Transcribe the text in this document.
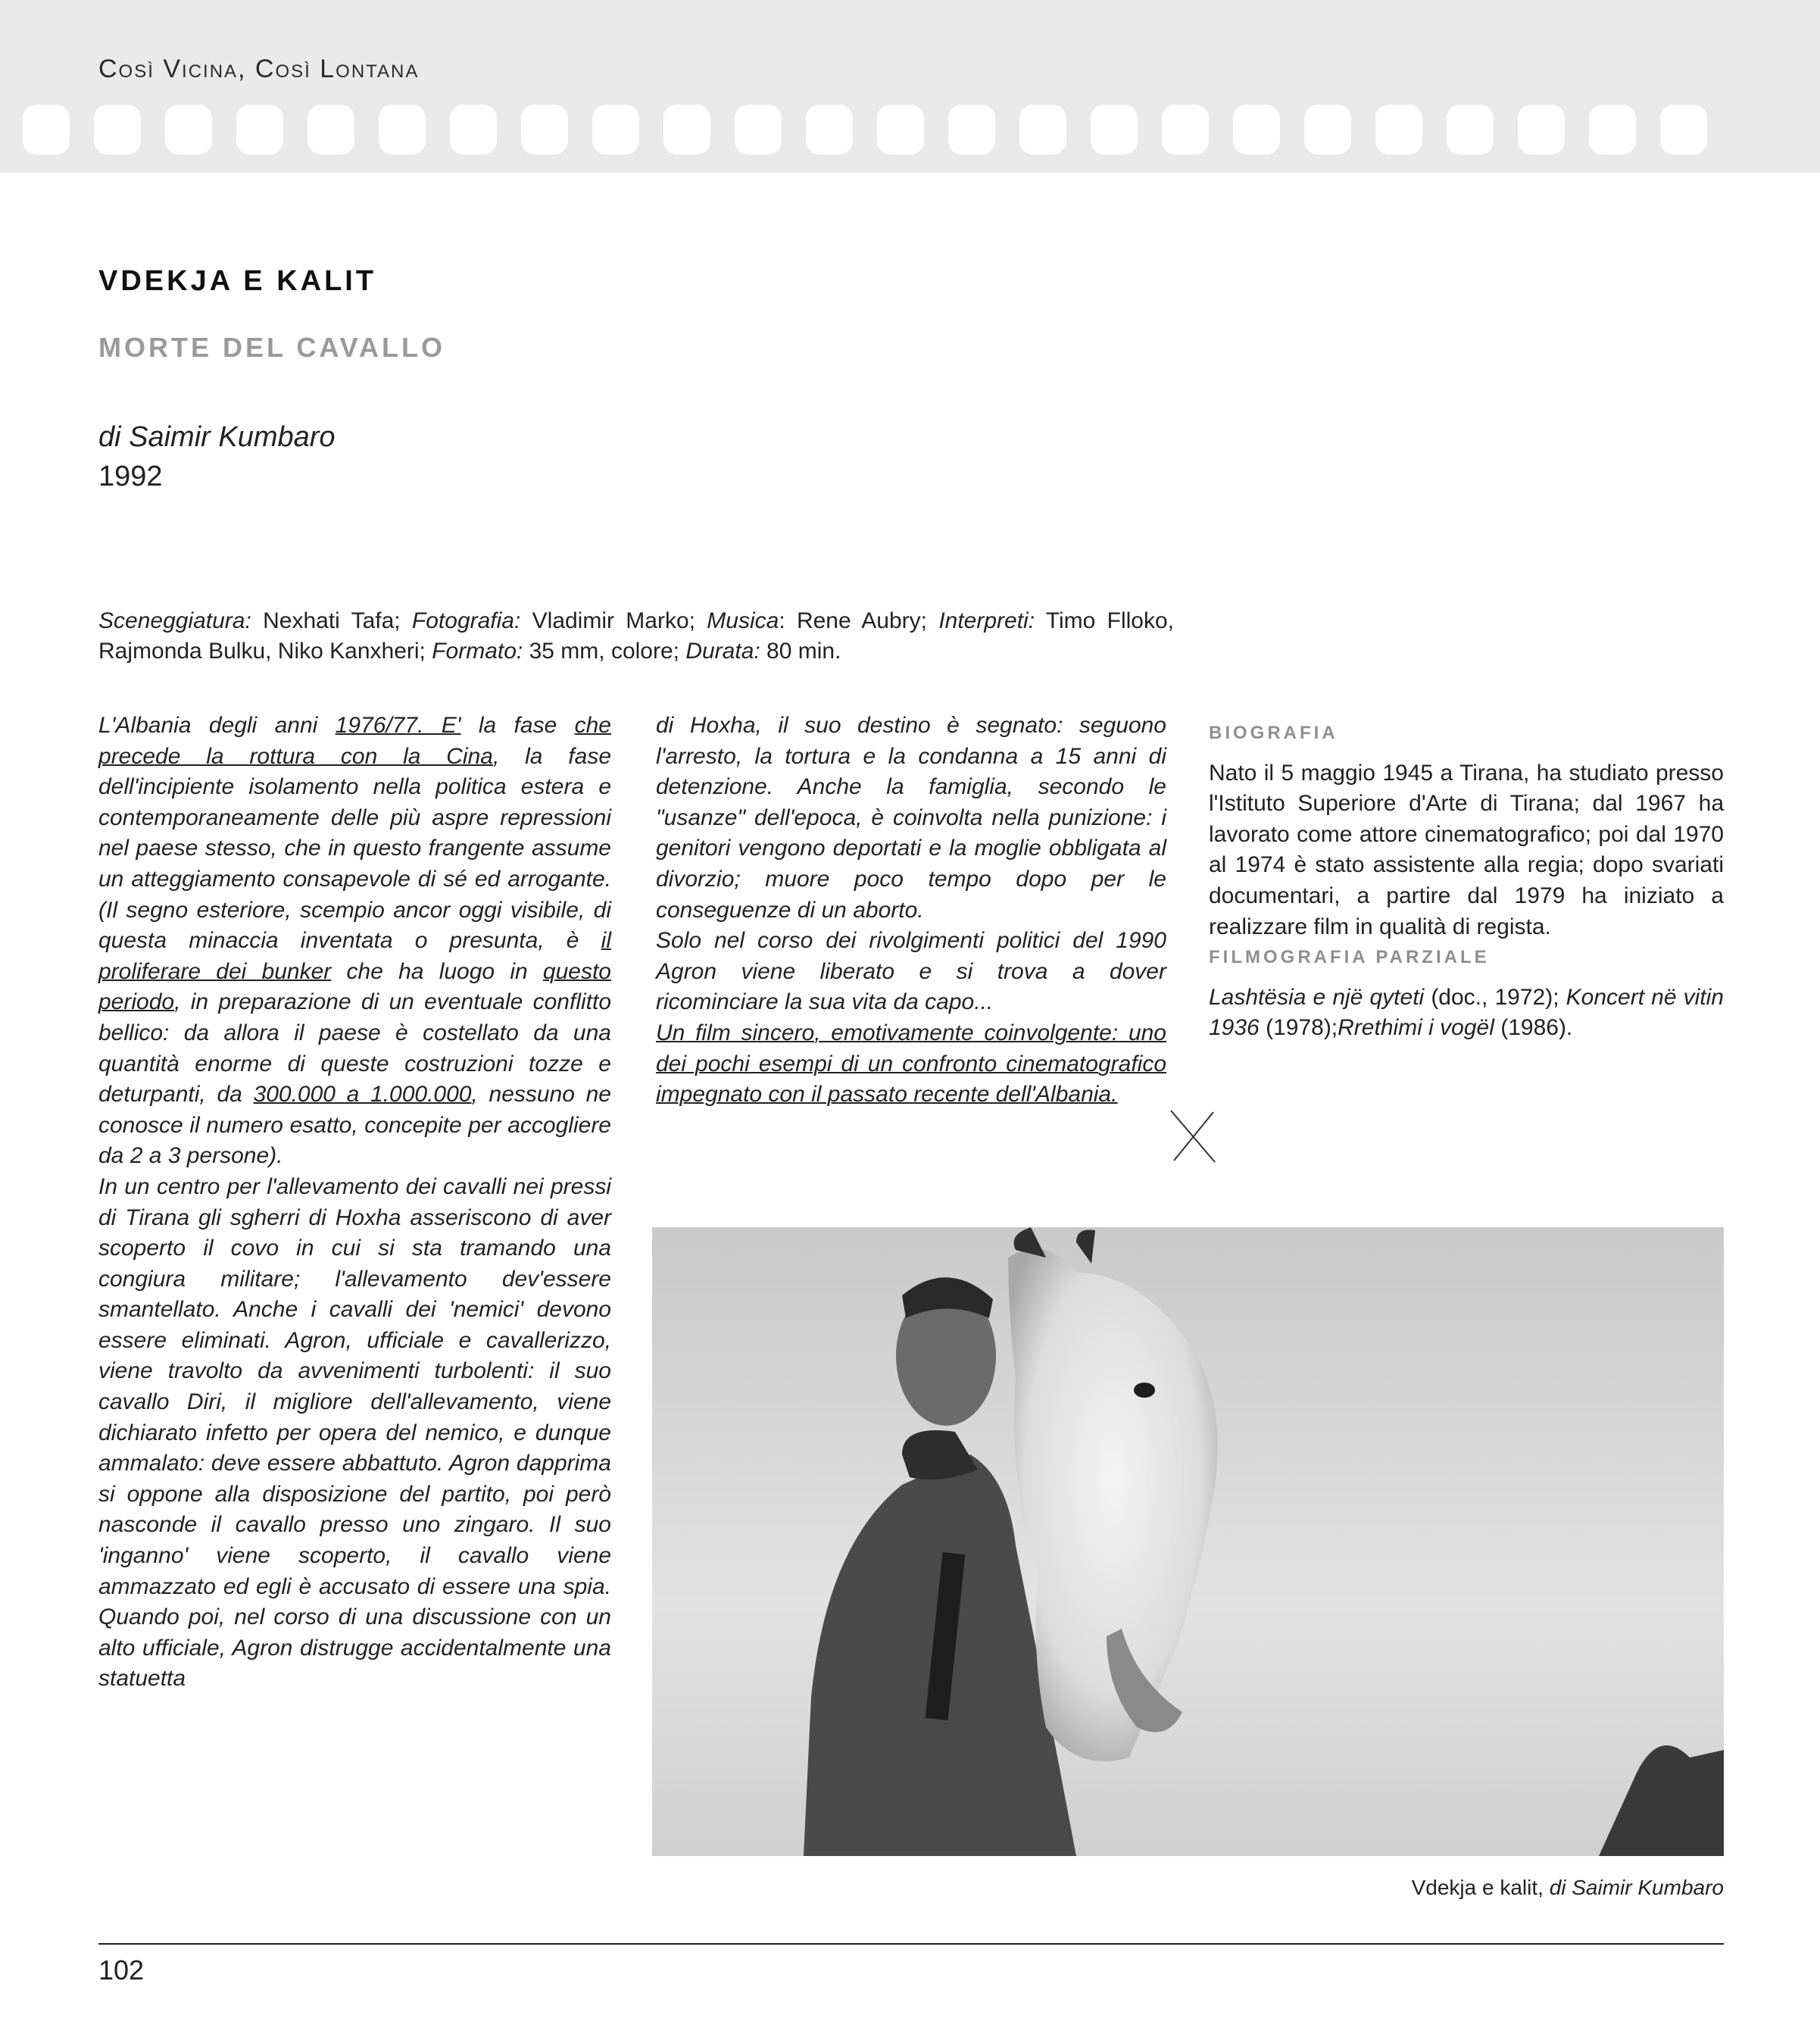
Così Vicina, Così Lontana
VDEKJA E KALIT
MORTE DEL CAVALLO
di Saimir Kumbaro
1992
Sceneggiatura: Nexhati Tafa; Fotografia: Vladimir Marko; Musica: Rene Aubry; Interpreti: Timo Flloko, Rajmonda Bulku, Niko Kanxheri; Formato: 35 mm, colore; Durata: 80 min.

L'Albania degli anni 1976/77. E' la fase che precede la rottura con la Cina, la fase dell'incipiente isolamento nella politica estera e contemporaneamente delle più aspre repressioni nel paese stesso, che in questo frangente assume un atteggiamento consapevole di sé ed arrogante. (Il segno esteriore, scempio ancor oggi visibile, di questa minaccia inventata o presunta, è il proliferare dei bunker che ha luogo in questo periodo, in preparazione di un eventuale conflitto bellico: da allora il paese è costellato da una quantità enorme di queste costruzioni tozze e deturpanti, da 300.000 a 1.000.000, nessuno ne conosce il numero esatto, concepite per accogliere da 2 a 3 persone).

In un centro per l'allevamento dei cavalli nei pressi di Tirana gli sgherri di Hoxha asseriscono di aver scoperto il covo in cui si sta tramando una congiura militare; l'allevamento dev'essere smantellato. Anche i cavalli dei 'nemici' devono essere eliminati. Agron, ufficiale e cavallerizzo, viene travolto da avvenimenti turbolenti: il suo cavallo Diri, il migliore dell'allevamento, viene dichiarato infetto per opera del nemico, e dunque ammalato: deve essere abbattuto. Agron dapprima si oppone alla disposizione del partito, poi però nasconde il cavallo presso uno zingaro. Il suo 'inganno' viene scoperto, il cavallo viene ammazzato ed egli è accusato di essere una spia. Quando poi, nel corso di una discussione con un alto ufficiale, Agron distrugge accidentalmente una statuetta

di Hoxha, il suo destino è segnato: seguono l'arresto, la tortura e la condanna a 15 anni di detenzione. Anche la famiglia, secondo le "usanze" dell'epoca, è coinvolta nella punizione: i genitori vengono deportati e la moglie obbligata al divorzio; muore poco tempo dopo per le conseguenze di un aborto.

Solo nel corso dei rivolgimenti politici del 1990 Agron viene liberato e si trova a dover ricominciare la sua vita da capo...

Un film sincero, emotivamente coinvolgente: uno dei pochi esempi di un confronto cinematografico impegnato con il passato recente dell'Albania.

BIOGRAFIA

Nato il 5 maggio 1945 a Tirana, ha studiato presso l'Istituto Superiore d'Arte di Tirana; dal 1967 ha lavorato come attore cinematografico; poi dal 1970 al 1974 è stato assistente alla regia; dopo svariati documentari, a partire dal 1979 ha iniziato a realizzare film in qualità di regista.

FILMOGRAFIA PARZIALE

Lashtësia e një qyteti (doc., 1972); Koncert në vitin 1936 (1978);Rrethimi i vogël (1986).

Vdekja e kalit, di Saimir Kumbaro
102
